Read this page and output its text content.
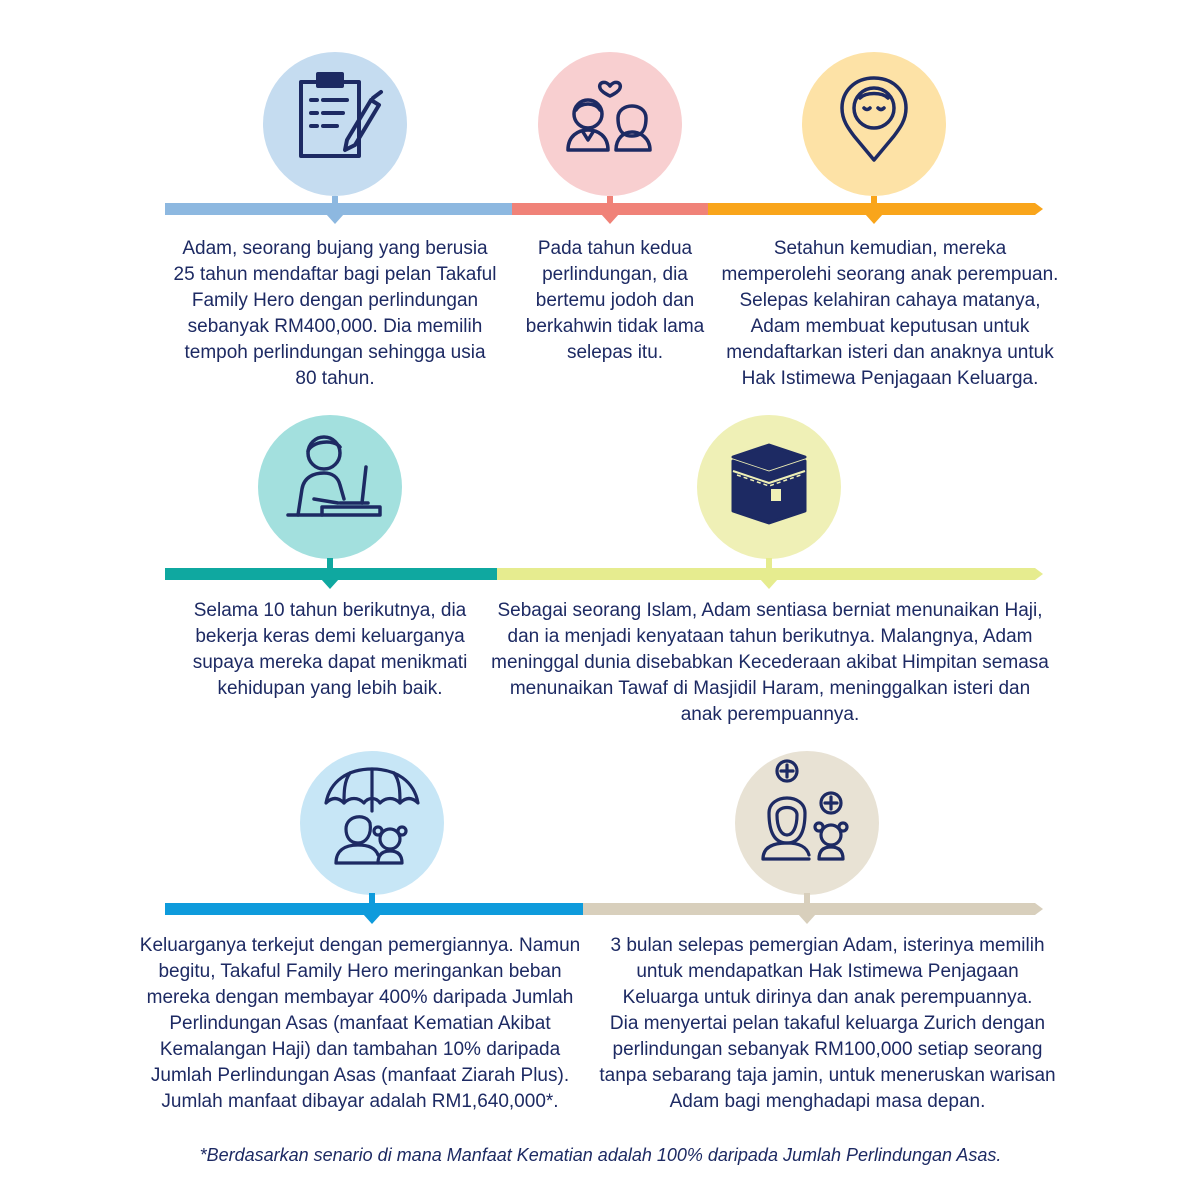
Adam, seorang bujang yang berusia

25 tahun mendaftar bagi pelan Takaful

Family Hero dengan perlindungan

sebanyak RM400,000. Dia memilih

tempoh perlindungan sehingga usia

80 tahun.

Pada tahun kedua

perlindungan, dia

bertemu jodoh dan

berkahwin tidak lama

selepas itu.

Setahun kemudian, mereka

memperolehi seorang anak perempuan.

Selepas kelahiran cahaya matanya,

Adam membuat keputusan untuk

mendaftarkan isteri dan anaknya untuk

Hak Istimewa Penjagaan Keluarga.

Selama 10 tahun berikutnya, dia

bekerja keras demi keluarganya

supaya mereka dapat menikmati

kehidupan yang lebih baik.

Sebagai seorang Islam, Adam sentiasa berniat menunaikan Haji,

dan ia menjadi kenyataan tahun berikutnya. Malangnya, Adam

meninggal dunia disebabkan Kecederaan akibat Himpitan semasa

menunaikan Tawaf di Masjidil Haram, meninggalkan isteri dan

anak perempuannya.

Keluarganya terkejut dengan pemergiannya. Namun

begitu, Takaful Family Hero meringankan beban

mereka dengan membayar 400% daripada Jumlah

Perlindungan Asas (manfaat Kematian Akibat

Kemalangan Haji) dan tambahan 10% daripada

Jumlah Perlindungan Asas (manfaat Ziarah Plus).

Jumlah manfaat dibayar adalah RM1,640,000*.

3 bulan selepas pemergian Adam, isterinya memilih

untuk mendapatkan Hak Istimewa Penjagaan

Keluarga untuk dirinya dan anak perempuannya.

Dia menyertai pelan takaful keluarga Zurich dengan

perlindungan sebanyak RM100,000 setiap seorang

tanpa sebarang taja jamin, untuk meneruskan warisan

Adam bagi menghadapi masa depan.

*Berdasarkan senario di mana Manfaat Kematian adalah 100% daripada Jumlah Perlindungan Asas.
